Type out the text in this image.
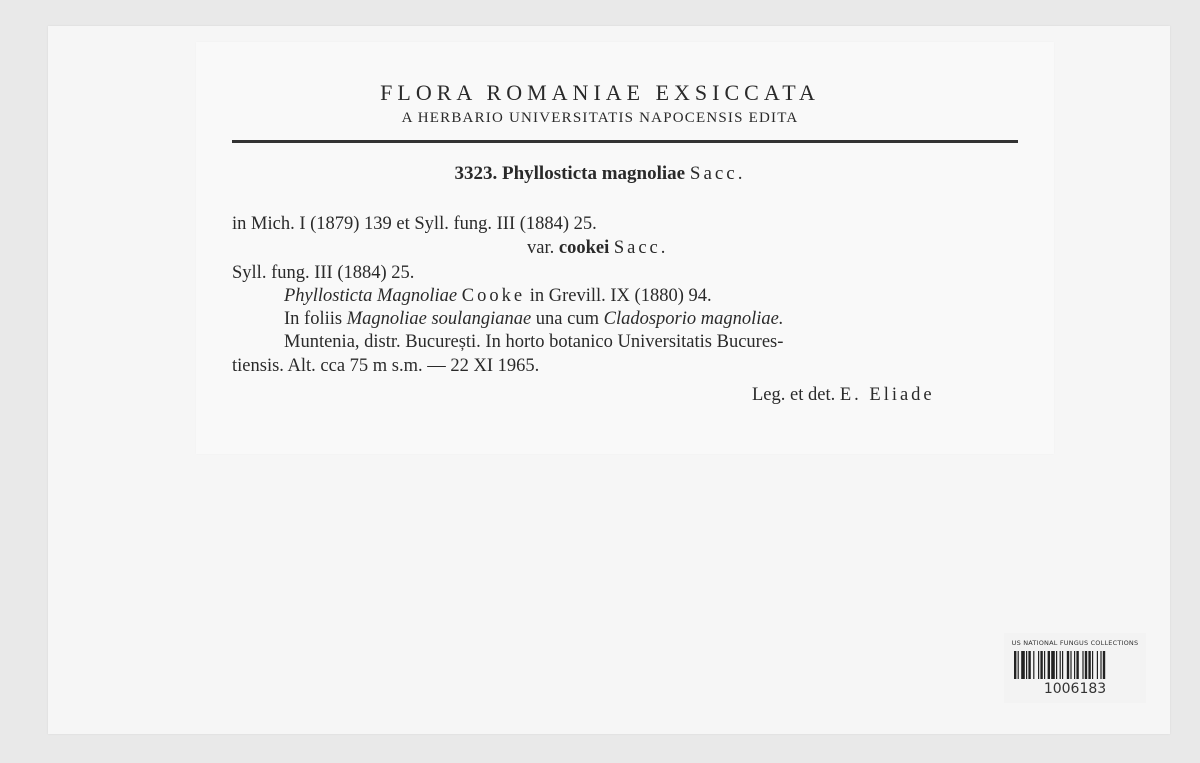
FLORA ROMANIAE EXSICCATA
A HERBARIO UNIVERSITATIS NAPOCENSIS EDITA
3323. Phyllosticta magnoliae Sacc.
in Mich. I (1879) 139 et Syll. fung. III (1884) 25.
var. cookei Sacc.
Syll. fung. III (1884) 25.
Phyllosticta Magnoliae Cooke in Grevill. IX (1880) 94.
In foliis Magnoliae soulangianae una cum Cladosporio magnoliae.
Muntenia, distr. București. In horto botanico Universitatis Bucures-
tiensis. Alt. cca 75 m s.m. — 22 XI 1965.
Leg. et det. E. Eliade
US NATIONAL FUNGUS COLLECTIONS
1006183
